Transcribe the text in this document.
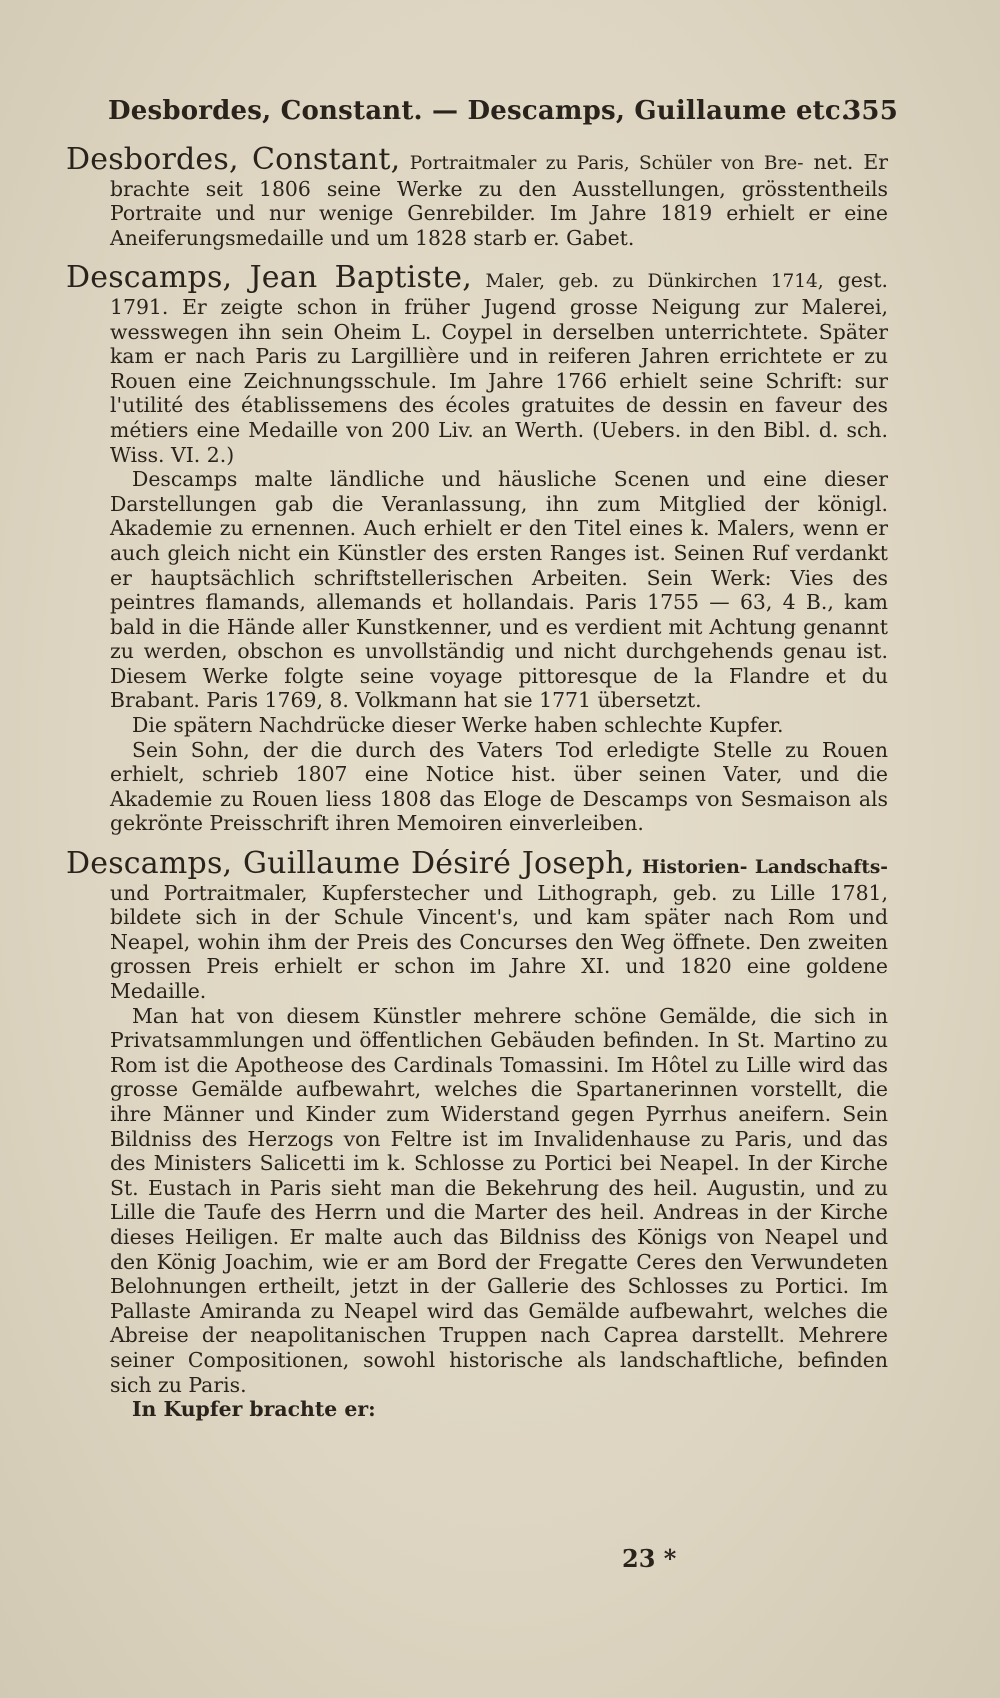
Desbordes, Constant. — Descamps, Guillaume etc.
355

Desbordes, Constant, Portraitmaler zu Paris, Schüler von Bre- net. Er brachte seit 1806 seine Werke zu den Ausstellungen, grösstentheils Portraite und nur wenige Genrebilder. Im Jahre 1819 erhielt er eine Aneiferungsmedaille und um 1828 starb er. Gabet.

Descamps, Jean Baptiste, Maler, geb. zu Dünkirchen 1714, gest. 1791. Er zeigte schon in früher Jugend grosse Neigung zur Malerei, wesswegen ihn sein Oheim L. Coypel in derselben unterrichtete. Später kam er nach Paris zu Largillière und in reiferen Jahren errichtete er zu Rouen eine Zeichnungsschule. Im Jahre 1766 erhielt seine Schrift: sur l'utilité des établissemens des écoles gratuites de dessin en faveur des métiers eine Medaille von 200 Liv. an Werth. (Uebers. in den Bibl. d. sch. Wiss. VI. 2.)

Descamps malte ländliche und häusliche Scenen und eine dieser Darstellungen gab die Veranlassung, ihn zum Mitglied der königl. Akademie zu ernennen. Auch erhielt er den Titel eines k. Malers, wenn er auch gleich nicht ein Künstler des ersten Ranges ist. Seinen Ruf verdankt er hauptsächlich schriftstellerischen Arbeiten. Sein Werk: Vies des peintres flamands, allemands et hollandais. Paris 1755 — 63, 4 B., kam bald in die Hände aller Kunstkenner, und es verdient mit Achtung genannt zu werden, obschon es unvollständig und nicht durchgehends genau ist. Diesem Werke folgte seine voyage pittoresque de la Flandre et du Brabant. Paris 1769, 8. Volkmann hat sie 1771 übersetzt.

Die spätern Nachdrücke dieser Werke haben schlechte Kupfer.

Sein Sohn, der die durch des Vaters Tod erledigte Stelle zu Rouen erhielt, schrieb 1807 eine Notice hist. über seinen Vater, und die Akademie zu Rouen liess 1808 das Eloge de Descamps von Sesmaison als gekrönte Preisschrift ihren Memoiren einverleiben.

Descamps, Guillaume Désiré Joseph, Historien- Landschafts- und Portraitmaler, Kupferstecher und Lithograph, geb. zu Lille 1781, bildete sich in der Schule Vincent's, und kam später nach Rom und Neapel, wohin ihm der Preis des Concurses den Weg öffnete. Den zweiten grossen Preis erhielt er schon im Jahre XI. und 1820 eine goldene Medaille.

Man hat von diesem Künstler mehrere schöne Gemälde, die sich in Privatsammlungen und öffentlichen Gebäuden befinden. In St. Martino zu Rom ist die Apotheose des Cardinals Tomassini. Im Hôtel zu Lille wird das grosse Gemälde aufbewahrt, welches die Spartanerinnen vorstellt, die ihre Männer und Kinder zum Widerstand gegen Pyrrhus aneifern. Sein Bildniss des Herzogs von Feltre ist im Invalidenhause zu Paris, und das des Ministers Salicetti im k. Schlosse zu Portici bei Neapel. In der Kirche St. Eustach in Paris sieht man die Bekehrung des heil. Augustin, und zu Lille die Taufe des Herrn und die Marter des heil. Andreas in der Kirche dieses Heiligen. Er malte auch das Bildniss des Königs von Neapel und den König Joachim, wie er am Bord der Fregatte Ceres den Verwundeten Belohnungen ertheilt, jetzt in der Gallerie des Schlosses zu Portici. Im Pallaste Amiranda zu Neapel wird das Gemälde aufbewahrt, welches die Abreise der neapolitanischen Truppen nach Caprea darstellt. Mehrere seiner Compositionen, sowohl historische als landschaftliche, befinden sich zu Paris.

In Kupfer brachte er:

23 *
